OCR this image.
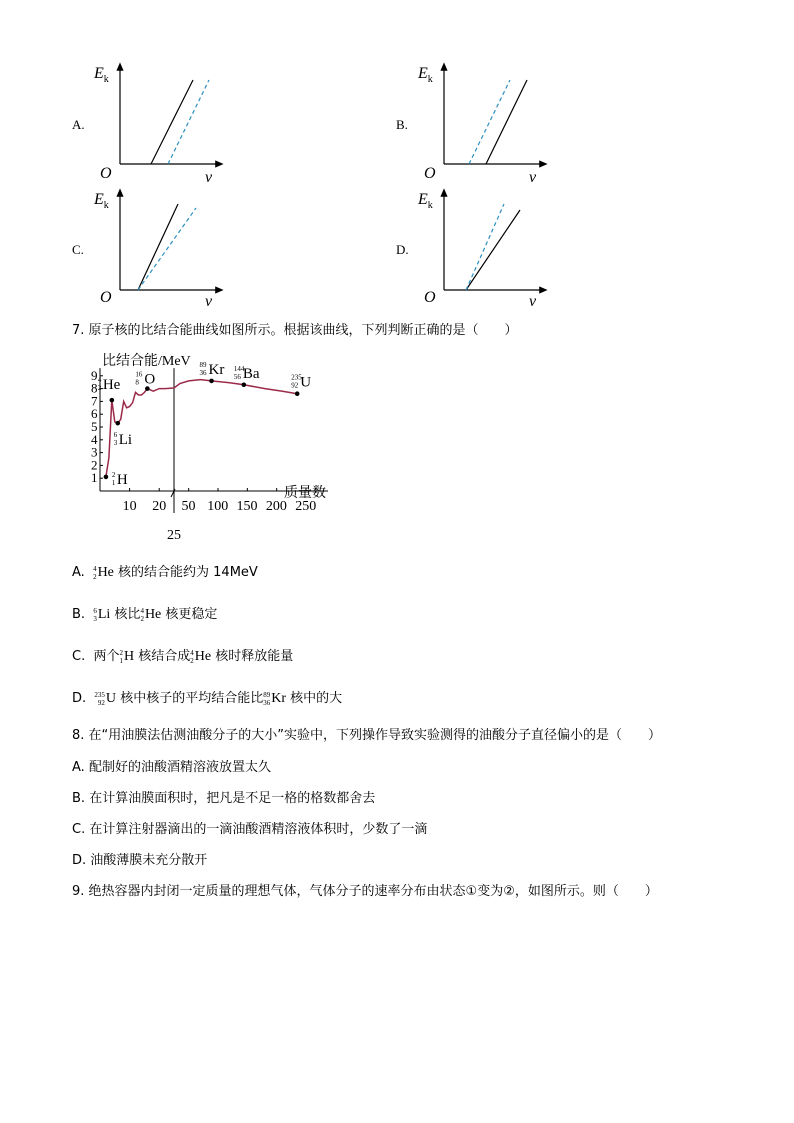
A.	B.
C.	D.
$E_k$
O	v
$E_k$
O	v
$E_k$
O	v
$E_k$
O	v
7. 原子核的比结合能曲线如图所示。根据该曲线，下列判断正确的是（　　）
比结合能/MeV
质量数
25
1
2
3
4
5
6
7
8
9
10 20 50 100 150 200 250
2
1 H
4
2 He
6
3 Li
16
8 O
89
36 Kr 144
56 Ba	235
92 U
A. 4
2 He 核的结合能约为 14MeV
B. 6
3 Li 核比 4
2 He 核更稳定
C. 两个 2
1 H 核结合成 4
2 He 核时释放能量
D. 235
92 U 核中核子的平均结合能比 89
36 Kr 核中的大
8. 在“用油膜法估测油酸分子的大小”实验中，下列操作导致实验测得的油酸分子直径偏小的是（　　）
A. 配制好的油酸酒精溶液放置太久
B. 在计算油膜面积时，把凡是不足一格的格数都舍去
C. 在计算注射器滴出的一滴油酸酒精溶液体积时，少数了一滴
D. 油酸薄膜未充分散开
9. 绝热容器内封闭一定质量的理想气体，气体分子的速率分布由状态①变为②，如图所示。则（　　）
